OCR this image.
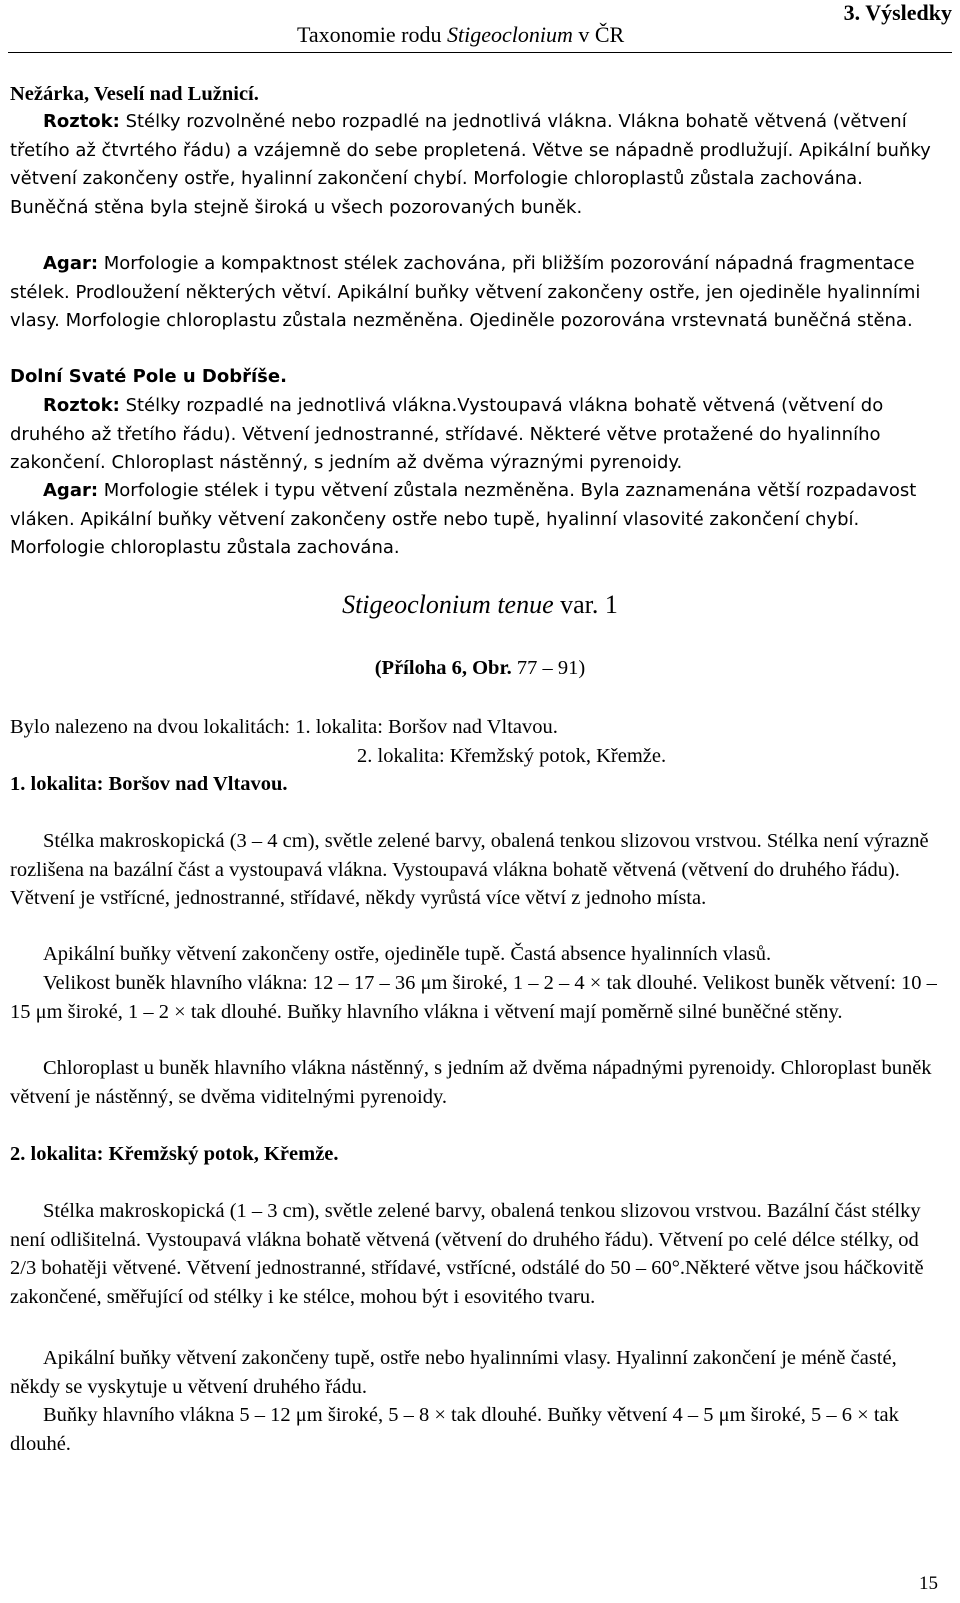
Taxonomie rodu Stigeoclonium v ČR
3. Výsledky

Nežárka, Veselí nad Lužnicí.

Roztok: Stélky rozvolněné nebo rozpadlé na jednotlivá vlákna. Vlákna bohatě větvená (větvení třetího až čtvrtého řádu) a vzájemně do sebe propletená. Větve se nápadně prodlužují. Apikální buňky větvení zakončeny ostře, hyalinní zakončení chybí. Morfologie chloroplastů zůstala zachována. Buněčná stěna byla stejně široká u všech pozorovaných buněk.

Agar: Morfologie a kompaktnost stélek zachována, při bližším pozorování nápadná fragmentace stélek. Prodloužení některých větví. Apikální buňky větvení zakončeny ostře, jen ojediněle hyalinními vlasy. Morfologie chloroplastu zůstala nezměněna. Ojediněle pozorována vrstevnatá buněčná stěna.

Dolní Svaté Pole u Dobříše.

Roztok: Stélky rozpadlé na jednotlivá vlákna.Vystoupavá vlákna bohatě větvená (větvení do druhého až třetího řádu). Větvení jednostranné, střídavé. Některé větve protažené do hyalinního zakončení. Chloroplast nástěnný, s jedním až dvěma výraznými pyrenoidy.

Agar: Morfologie stélek i typu větvení zůstala nezměněna. Byla zaznamenána větší rozpadavost vláken. Apikální buňky větvení zakončeny ostře nebo tupě, hyalinní vlasovité zakončení chybí. Morfologie chloroplastu zůstala zachována.

Stigeoclonium tenue var. 1

(Příloha 6, Obr. 77 – 91)

Bylo nalezeno na dvou lokalitách: 1. lokalita: Boršov nad Vltavou.

2. lokalita: Křemžský potok, Křemže.

1. lokalita: Boršov nad Vltavou.

Stélka makroskopická (3 – 4 cm), světle zelené barvy, obalená tenkou slizovou vrstvou. Stélka není výrazně rozlišena na bazální část a vystoupavá vlákna. Vystoupavá vlákna bohatě větvená (větvení do druhého řádu). Větvení je vstřícné, jednostranné, střídavé, někdy vyrůstá více větví z jednoho místa.

Apikální buňky větvení zakončeny ostře, ojediněle tupě. Častá absence hyalinních vlasů.

Velikost buněk hlavního vlákna: 12 – 17 – 36 μm široké, 1 – 2 – 4 × tak dlouhé. Velikost buněk větvení: 10 – 15 μm široké, 1 – 2 × tak dlouhé. Buňky hlavního vlákna i větvení mají poměrně silné buněčné stěny.

Chloroplast u buněk hlavního vlákna nástěnný, s jedním až dvěma nápadnými pyrenoidy. Chloroplast buněk větvení je nástěnný, se dvěma viditelnými pyrenoidy.

2. lokalita: Křemžský potok, Křemže.

Stélka makroskopická (1 – 3 cm), světle zelené barvy, obalená tenkou slizovou vrstvou. Bazální část stélky není odlišitelná. Vystoupavá vlákna bohatě větvená (větvení do druhého řádu). Větvení po celé délce stélky, od 2/3 bohatěji větvené. Větvení jednostranné, střídavé, vstřícné, odstálé do 50 – 60°.Některé větve jsou háčkovitě zakončené, směřující od stélky i ke stélce, mohou být i esovitého tvaru.

Apikální buňky větvení zakončeny tupě, ostře nebo hyalinními vlasy. Hyalinní zakončení je méně časté, někdy se vyskytuje u větvení druhého řádu.

Buňky hlavního vlákna 5 – 12 μm široké, 5 – 8 × tak dlouhé. Buňky větvení 4 – 5 μm široké, 5 – 6 × tak dlouhé.

15
